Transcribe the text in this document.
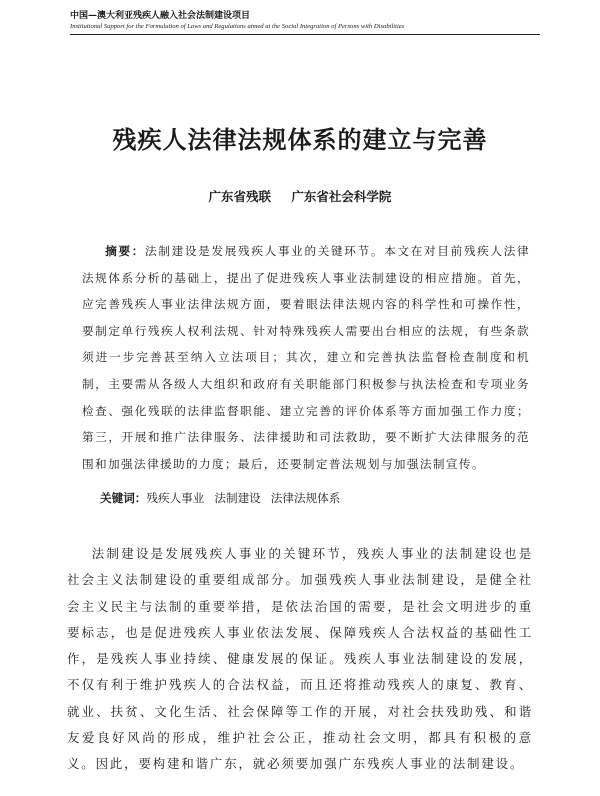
中国—澳大利亚残疾人融入社会法制建设项目
Institutional Support for the Formulation of Laws and Regulations aimed at the Social Integration of Persons with Disabilities
残疾人法律法规体系的建立与完善
广东省残联 广东省社会科学院
摘要：法制建设是发展残疾人事业的关键环节。本文在对目前残疾人法律法规体系分析的基础上，提出了促进残疾人事业法制建设的相应措施。首先，应完善残疾人事业法律法规方面，要着眼法律法规内容的科学性和可操作性，要制定单行残疾人权利法规、针对特殊残疾人需要出台相应的法规，有些条款须进一步完善甚至纳入立法项目；其次，建立和完善执法监督检查制度和机制，主要需从各级人大组织和政府有关职能部门积极参与执法检查和专项业务检查、强化残联的法律监督职能、建立完善的评价体系等方面加强工作力度；第三，开展和推广法律服务、法律援助和司法救助，要不断扩大法律服务的范围和加强法律援助的力度；最后，还要制定普法规划与加强法制宣传。
关键词：残疾人事业 法制建设 法律法规体系
法制建设是发展残疾人事业的关键环节，残疾人事业的法制建设也是社会主义法制建设的重要组成部分。加强残疾人事业法制建设，是健全社会主义民主与法制的重要举措，是依法治国的需要，是社会文明进步的重要标志，也是促进残疾人事业依法发展、保障残疾人合法权益的基础性工作，是残疾人事业持续、健康发展的保证。残疾人事业法制建设的发展，不仅有利于维护残疾人的合法权益，而且还将推动残疾人的康复、教育、就业、扶贫、文化生活、社会保障等工作的开展，对社会扶残助残、和谐友爱良好风尚的形成，维护社会公正，推动社会文明，都具有积极的意义。因此，要构建和谐广东，就必须要加强广东残疾人事业的法制建设。
